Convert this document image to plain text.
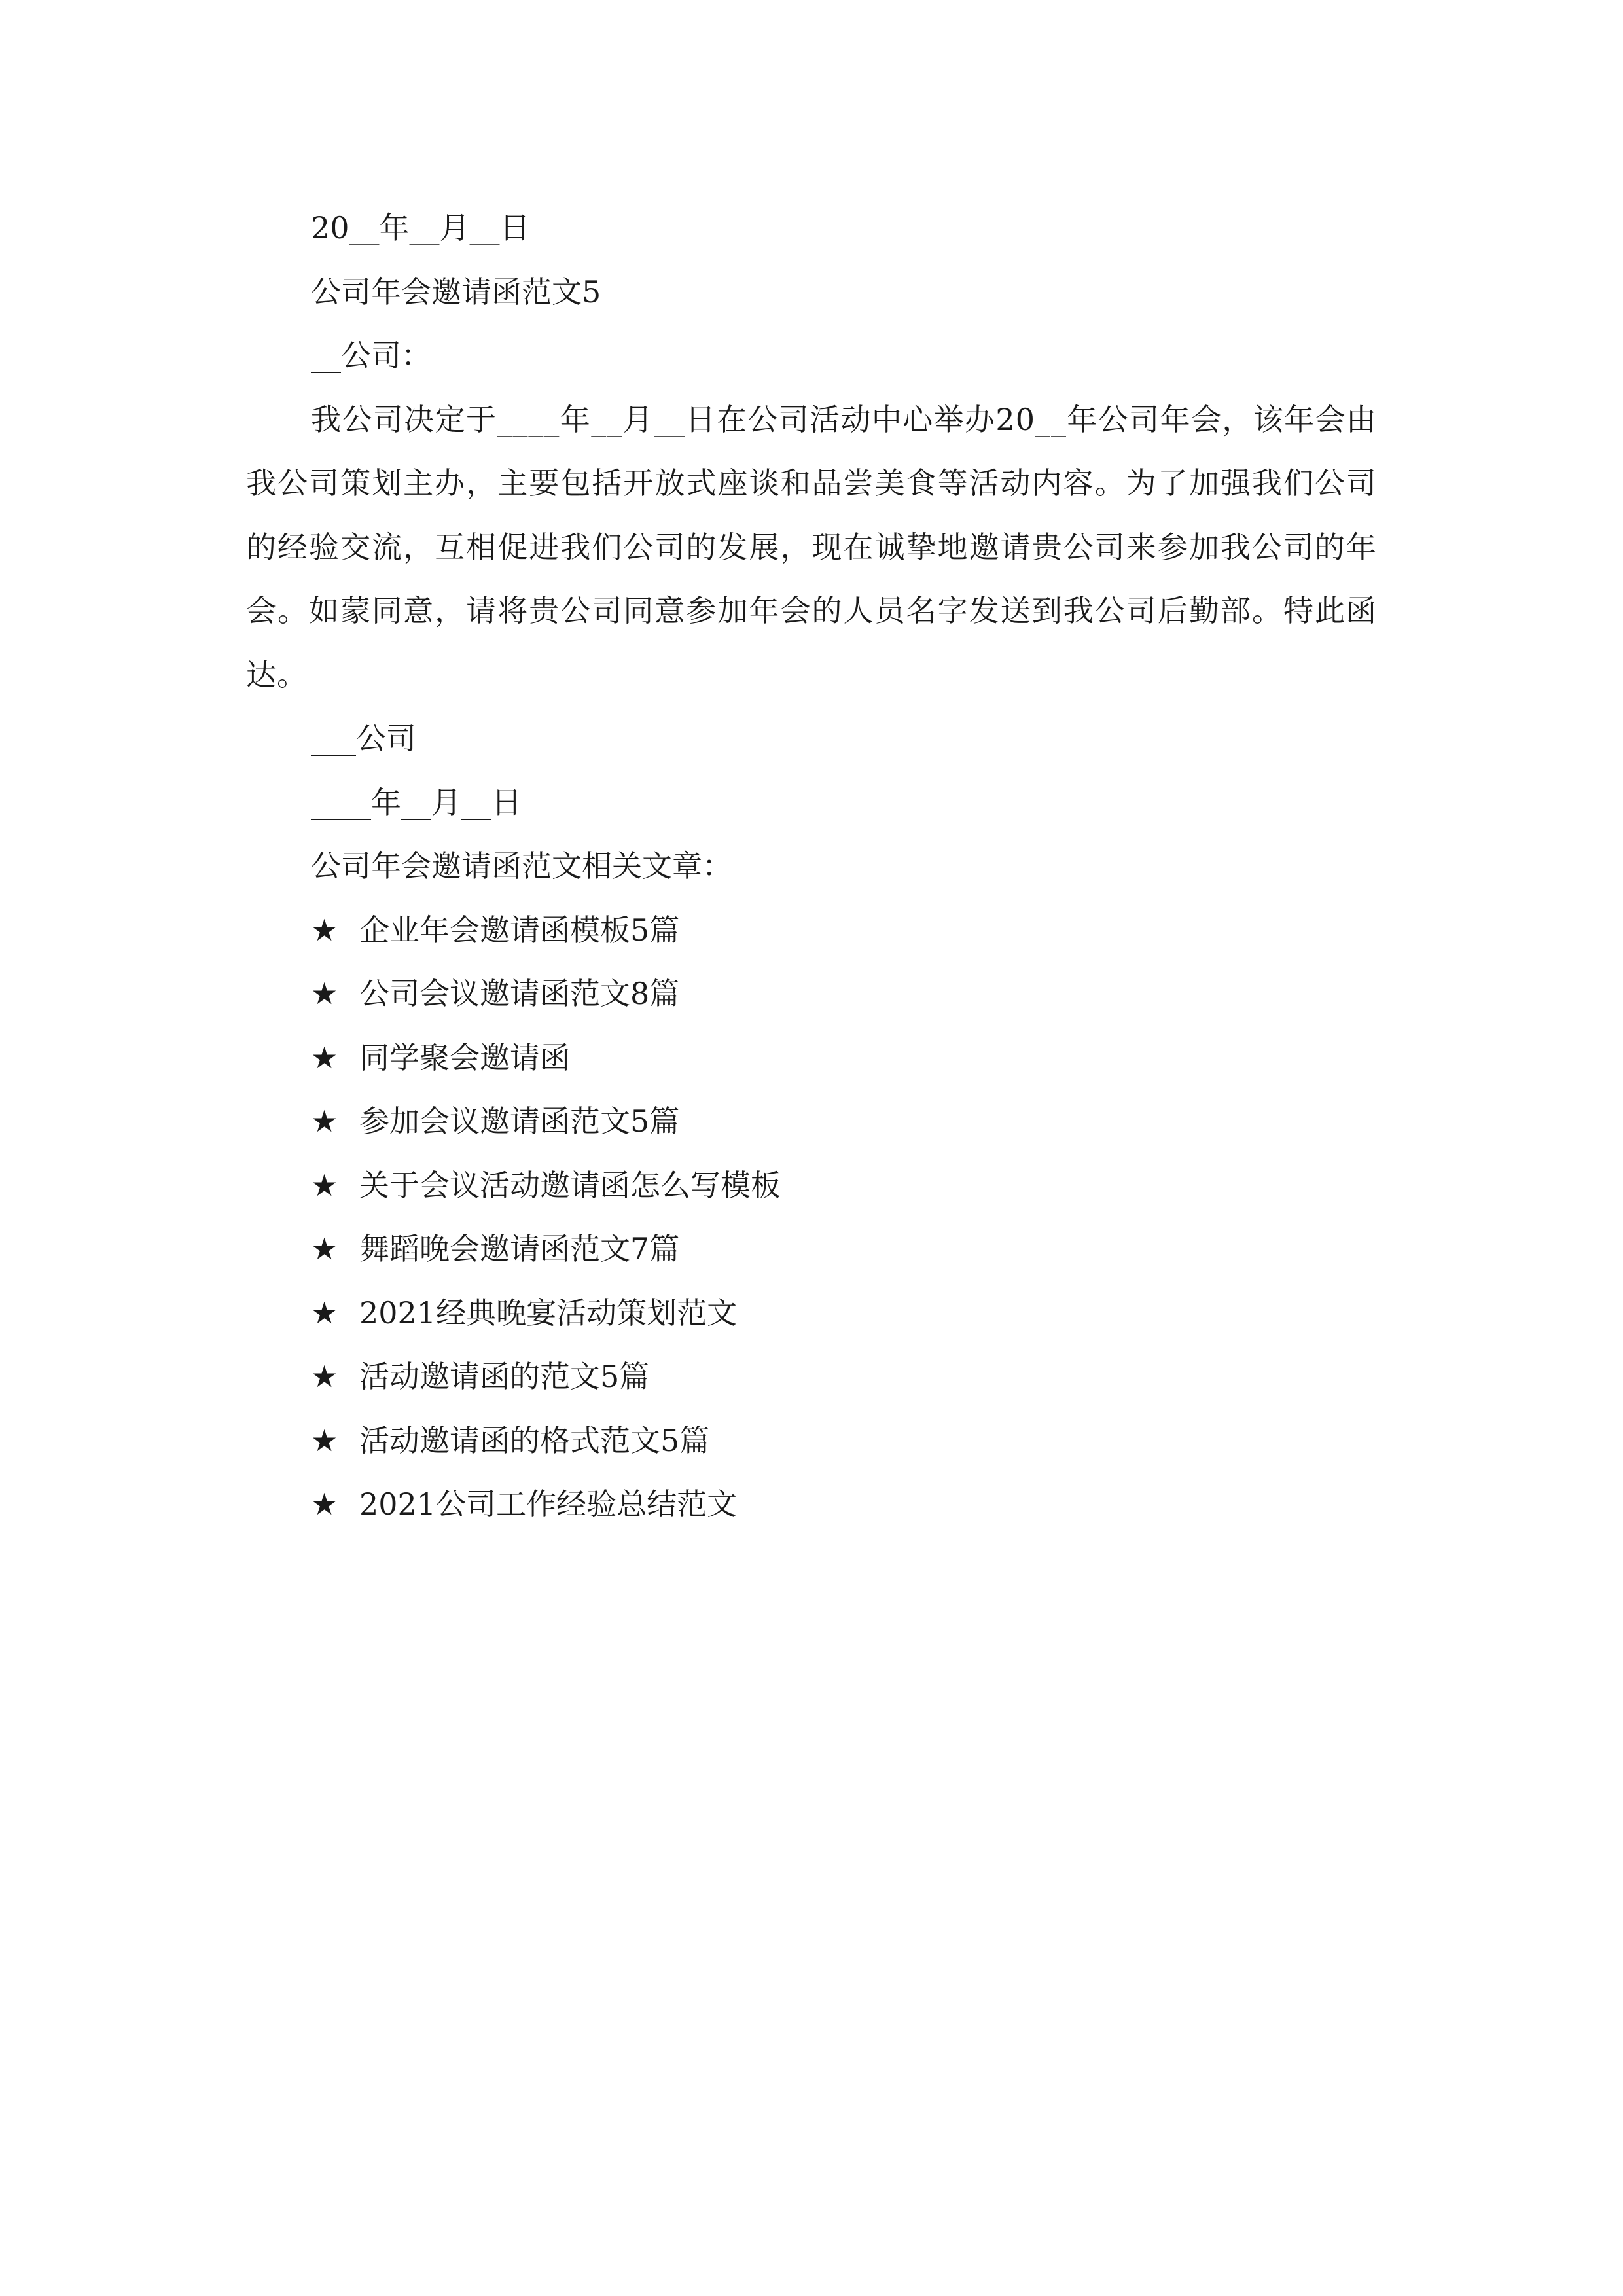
20__年__月__日

公司年会邀请函范文5

__公司：

我公司决定于____年__月__日在公司活动中心举办20__年公司年会，该年会由我公司策划主办，主要包括开放式座谈和品尝美食等活动内容。为了加强我们公司的经验交流，互相促进我们公司的发展，现在诚挚地邀请贵公司来参加我公司的年会。如蒙同意，请将贵公司同意参加年会的人员名字发送到我公司后勤部。特此函达。

___公司

____年__月__日

公司年会邀请函范文相关文章：

★ 企业年会邀请函模板5篇

★ 公司会议邀请函范文8篇

★ 同学聚会邀请函

★ 参加会议邀请函范文5篇

★ 关于会议活动邀请函怎么写模板

★ 舞蹈晚会邀请函范文7篇

★ 2021经典晚宴活动策划范文

★ 活动邀请函的范文5篇

★ 活动邀请函的格式范文5篇

★ 2021公司工作经验总结范文
